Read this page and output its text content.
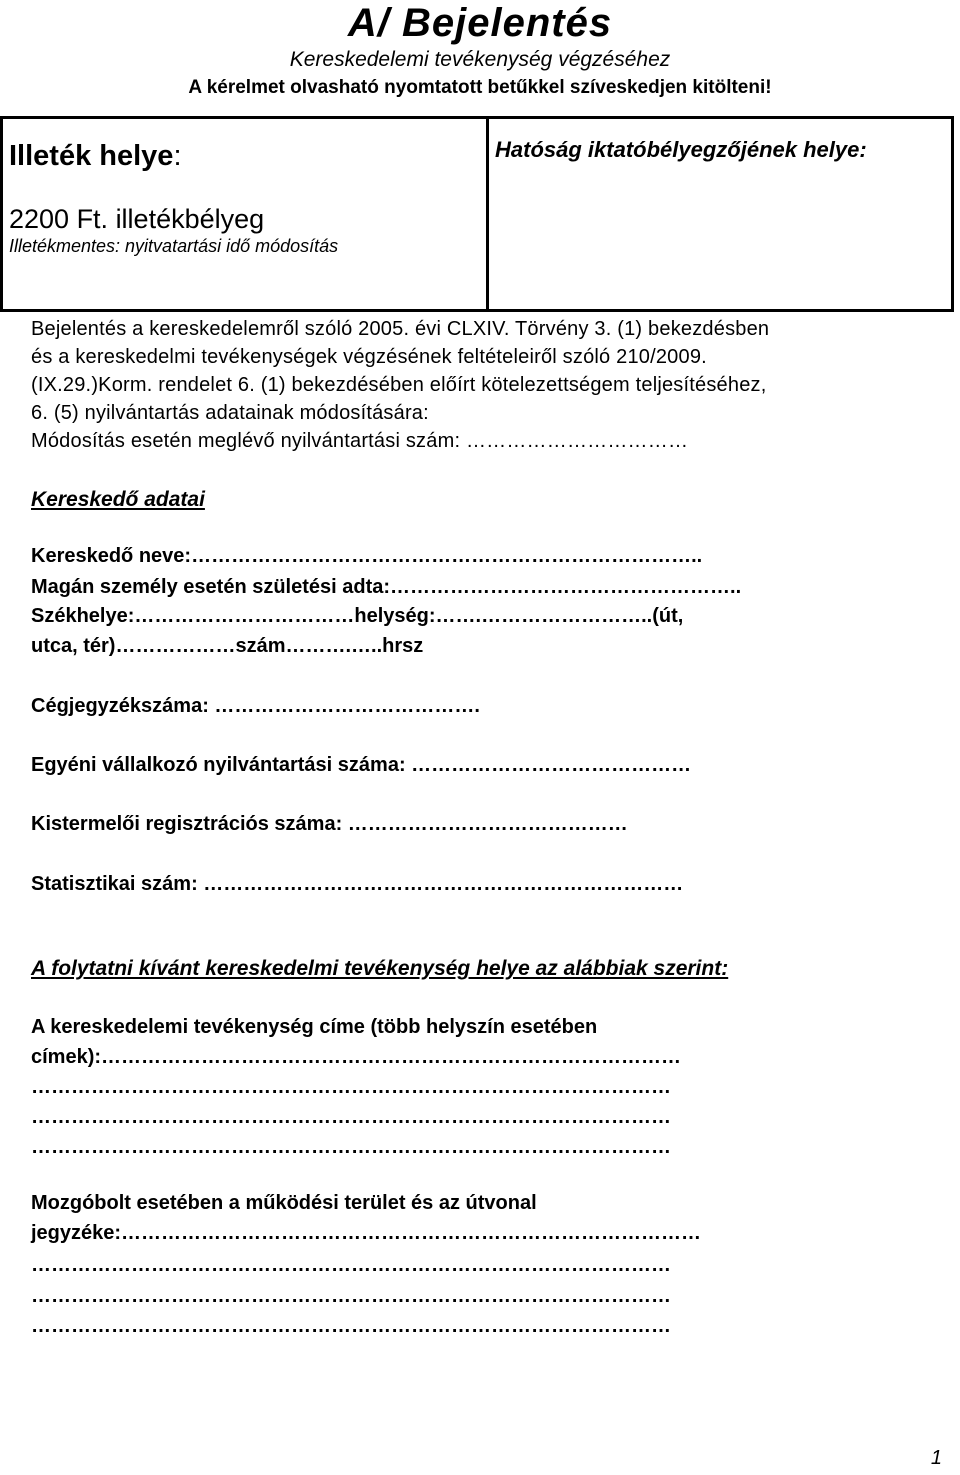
A/ Bejelentés
Kereskedelemi tevékenység végzéséhez
A kérelmet olvasható nyomtatott betűkkel szíveskedjen kitölteni!
Illeték helye:
2200 Ft. illetékbélyeg
Illetékmentes: nyitvatartási idő módosítás
Hatóság iktatóbélyegzőjének helye:

Bejelentés a kereskedelemről szóló 2005. évi CLXIV. Törvény 3. (1) bekezdésben

és a kereskedelmi tevékenységek végzésének feltételeiről szóló 210/2009.

(IX.29.)Korm. rendelet 6. (1) bekezdésében előírt kötelezettségem teljesítéséhez,

6. (5) nyilvántartás adatainak módosítására:

Módosítás esetén meglévő nyilvántartási szám: ……………………………

Kereskedő adatai
Kereskedő neve:…………………………………………………………………..
Magán személy esetén születési adta:……………………………………………..
Székhelye:……………………………helység:…….……………………..(út,
utca, tér)………………szám……….…..hrsz
Cégjegyzékszáma: ………………………………….
Egyéni vállalkozó nyilvántartási száma: ……………………………………
Kistermelői regisztrációs száma: ……………………………………
Statisztikai szám: ………………………………………………………………
A folytatni kívánt kereskedelmi tevékenység helye az alábbiak szerint:
A kereskedelemi tevékenység címe (több helyszín esetében
címek):……………………………………………………………………………
……………………………………………………………………………………
……………………………………………………………………………………
……………………………………………………………………………………
Mozgóbolt esetében a működési terület és az útvonal
jegyzéke:……………………………………………………………………………
……………………………………………………………………………………
……………………………………………………………………………………
……………………………………………………………………………………
1
